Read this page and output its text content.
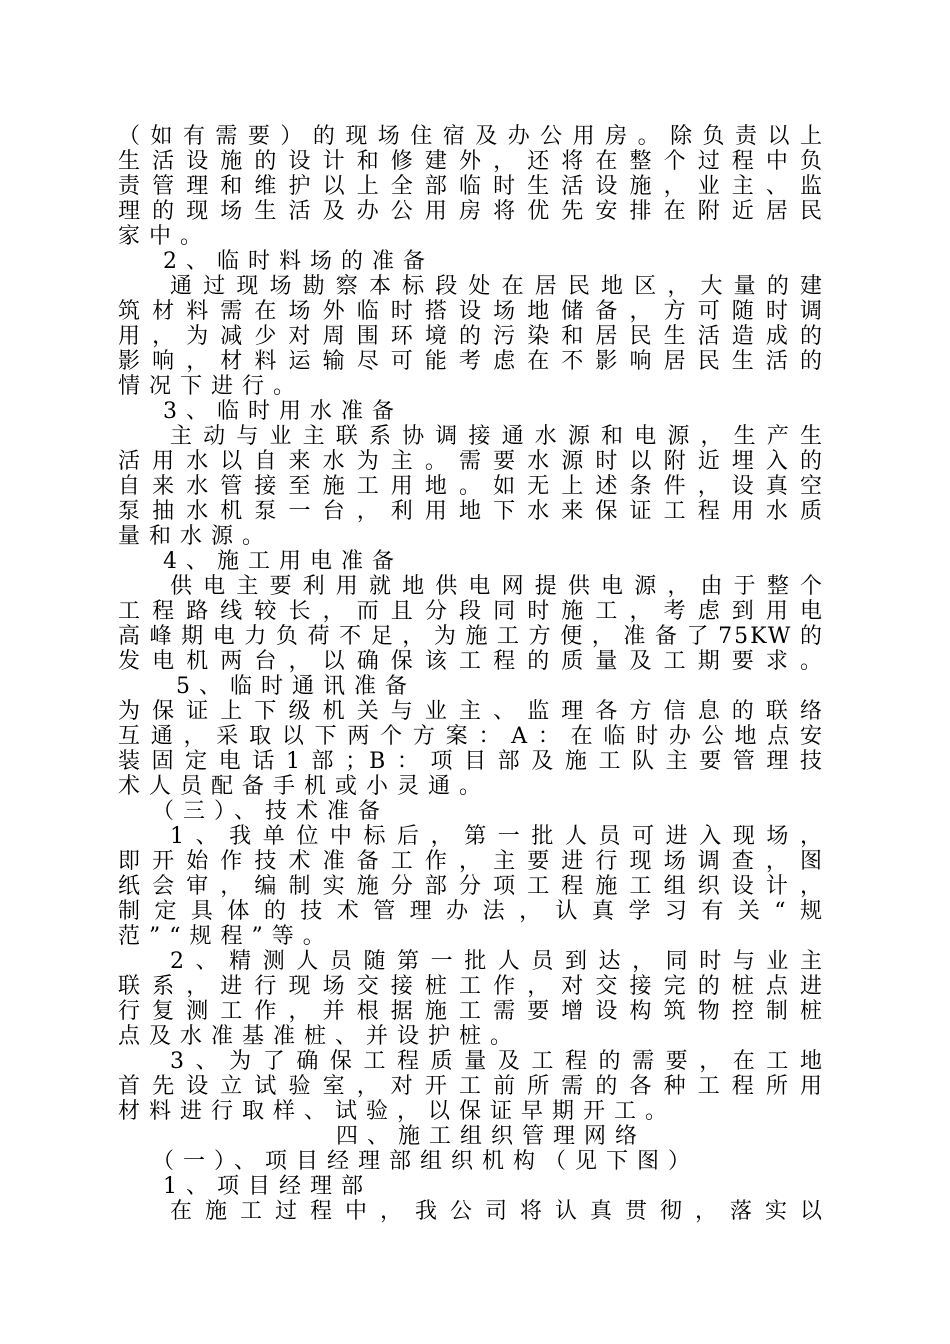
（如有需要）的现场住宿及办公用房。除负责以上
生活设施的设计和修建外，还将在整个过程中负
责管理和维护以上全部临时生活设施，业主、监
理的现场生活及办公用房将优先安排在附近居民
家中。
2、临时料场的准备
通过现场勘察本标段处在居民地区，大量的建
筑材料需在场外临时搭设场地储备，方可随时调
用，为减少对周围环境的污染和居民生活造成的
影响，材料运输尽可能考虑在不影响居民生活的
情况下进行。
3、临时用水准备
主动与业主联系协调接通水源和电源，生产生
活用水以自来水为主。需要水源时以附近埋入的
自来水管接至施工用地。如无上述条件，设真空
泵抽水机泵一台，利用地下水来保证工程用水质
量和水源。
4、施工用电准备
供电主要利用就地供电网提供电源，由于整个
工程路线较长，而且分段同时施工，考虑到用电
高峰期电力负荷不足，为施工方便，准备了75KW的
发电机两台，以确保该工程的质量及工期要求。
5、临时通讯准备
为保证上下级机关与业主、监理各方信息的联络
互通，采取以下两个方案：A：在临时办公地点安
装固定电话1部；B：项目部及施工队主要管理技
术人员配备手机或小灵通。
（三）、技术准备
1、我单位中标后，第一批人员可进入现场，
即开始作技术准备工作，主要进行现场调查，图
纸会审，编制实施分部分项工程施工组织设计，
制定具体的技术管理办法，认真学习有关“规
范”“规程”等。
2、精测人员随第一批人员到达，同时与业主
联系，进行现场交接桩工作，对交接完的桩点进
行复测工作，并根据施工需要增设构筑物控制桩
点及水准基准桩、并设护桩。
3、为了确保工程质量及工程的需要，在工地
首先设立试验室，对开工前所需的各种工程所用
材料进行取样、试验，以保证早期开工。
四、施工组织管理网络
（一）、项目经理部组织机构（见下图）
1、项目经理部
在施工过程中，我公司将认真贯彻，落实以
